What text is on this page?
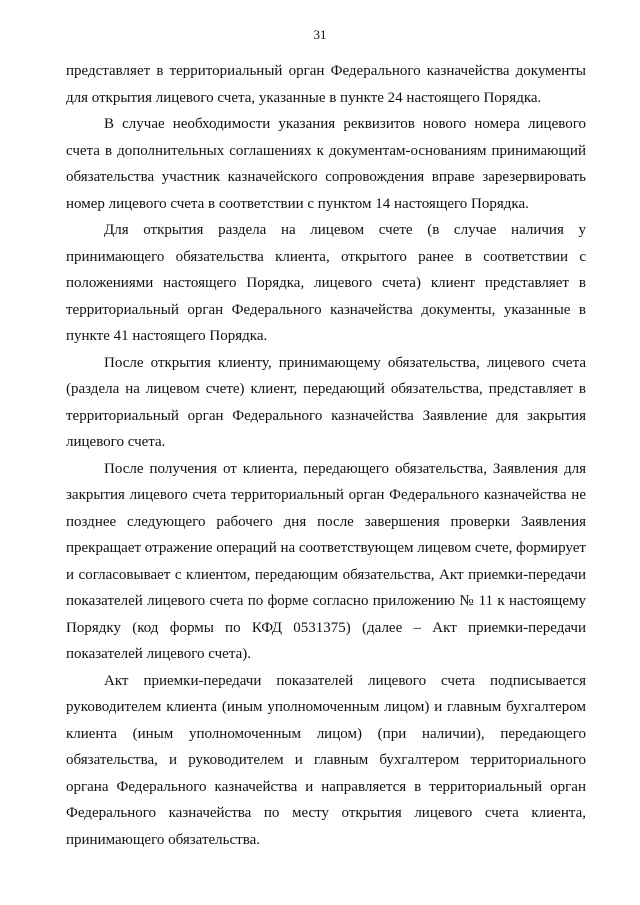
31

представляет в территориальный орган Федерального казначейства документы для открытия лицевого счета, указанные в пункте 24 настоящего Порядка.

В случае необходимости указания реквизитов нового номера лицевого счета в дополнительных соглашениях к документам-основаниям принимающий обязательства участник казначейского сопровождения вправе зарезервировать номер лицевого счета в соответствии с пунктом 14 настоящего Порядка.

Для открытия раздела на лицевом счете (в случае наличия у принимающего обязательства клиента, открытого ранее в соответствии с положениями настоящего Порядка, лицевого счета) клиент представляет в территориальный орган Федерального казначейства документы, указанные в пункте 41 настоящего Порядка.

После открытия клиенту, принимающему обязательства, лицевого счета (раздела на лицевом счете) клиент, передающий обязательства, представляет в территориальный орган Федерального казначейства Заявление для закрытия лицевого счета.

После получения от клиента, передающего обязательства, Заявления для закрытия лицевого счета территориальный орган Федерального казначейства не позднее следующего рабочего дня после завершения проверки Заявления прекращает отражение операций на соответствующем лицевом счете, формирует и согласовывает с клиентом, передающим обязательства, Акт приемки-передачи показателей лицевого счета по форме согласно приложению № 11 к настоящему Порядку (код формы по КФД 0531375) (далее – Акт приемки-передачи показателей лицевого счета).

Акт приемки-передачи показателей лицевого счета подписывается руководителем клиента (иным уполномоченным лицом) и главным бухгалтером клиента (иным уполномоченным лицом) (при наличии), передающего обязательства, и руководителем и главным бухгалтером территориального органа Федерального казначейства и направляется в территориальный орган Федерального казначейства по месту открытия лицевого счета клиента, принимающего обязательства.
